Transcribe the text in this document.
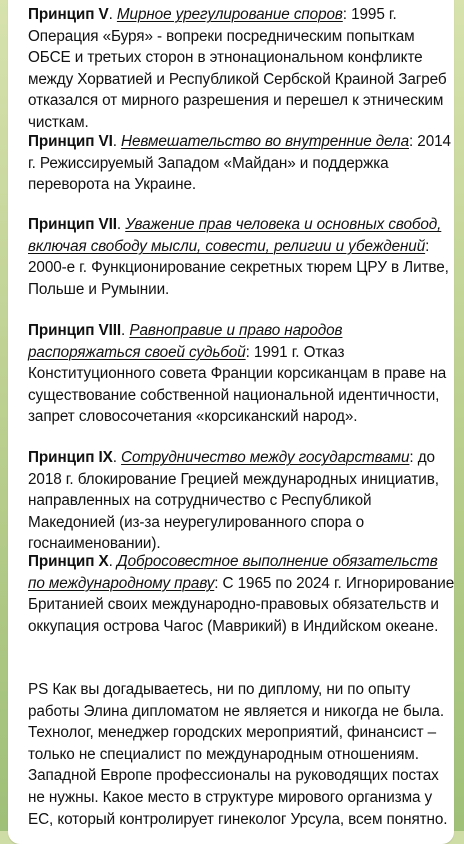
Принцип V. Мирное урегулирование споров: 1995 г. Операция «Буря» - вопреки посредническим попыткам ОБСЕ и третьих сторон в этнонациональном конфликте между Хорватией и Республикой Сербской Краиной Загреб отказался от мирного разрешения и перешел к этническим чисткам.
Принцип VI. Невмешательство во внутренние дела: 2014 г. Режиссируемый Западом «Майдан» и поддержка переворота на Украине.
Принцип VII. Уважение прав человека и основных свобод, включая свободу мысли, совести, религии и убеждений: 2000-е г. Функционирование секретных тюрем ЦРУ в Литве, Польше и Румынии.
Принцип VIII. Равноправие и право народов распоряжаться своей судьбой: 1991 г. Отказ Конституционного совета Франции корсиканцам в праве на существование собственной национальной идентичности, запрет словосочетания «корсиканский народ».
Принцип IX. Сотрудничество между государствами: до 2018 г. блокирование Грецией международных инициатив, направленных на сотрудничество с Республикой Македонией (из-за неурегулированного спора о госнаименовании).
Принцип X. Добросовестное выполнение обязательств по международному праву: С 1965 по 2024 г. Игнорирование Британией своих международно-правовых обязательств и оккупация острова Чагос (Маврикий) в Индийском океане.
PS Как вы догадываетесь, ни по диплому, ни по опыту работы Элина дипломатом не является и никогда не была. Технолог, менеджер городских мероприятий, финансист – только не специалист по международным отношениям. Западной Европе профессионалы на руководящих постах не нужны. Какое место в структуре мирового организма у ЕС, который контролирует гинеколог Урсула, всем понятно.
